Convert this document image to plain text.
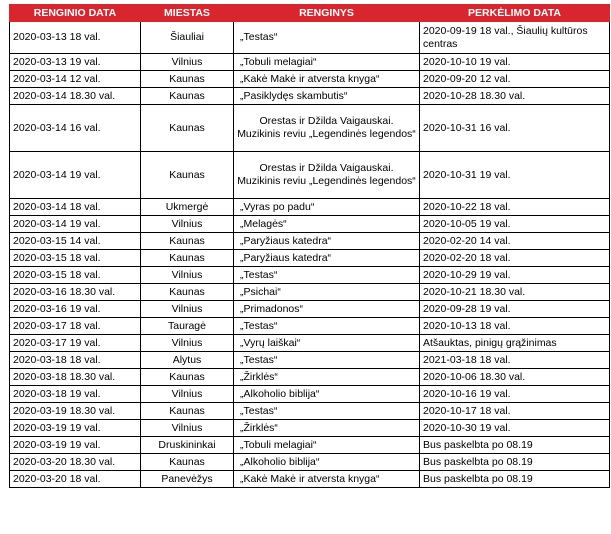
RENGINIO DATA	MIESTAS	RENGINYS	PERKĖLIMO DATA
2020-03-13 18 val.	Šiauliai	„Testas“	2020-09-19 18 val., Šiaulių kultūros centras
2020-03-13 19 val.	Vilnius	„Tobuli melagiai“	2020-10-10 19 val.
2020-03-14 12 val.	Kaunas	„Kakė Makė ir atversta knyga“	2020-09-20 12 val.
2020-03-14 18.30 val.	Kaunas	„Pasiklydęs skambutis“	2020-10-28 18.30 val.
2020-03-14 16 val.	Kaunas	Orestas ir Džilda Vaigauskai. Muzikinis reviu „Legendinės legendos“	2020-10-31 16 val.
2020-03-14 19 val.	Kaunas	Orestas ir Džilda Vaigauskai. Muzikinis reviu „Legendinės legendos“	2020-10-31 19 val.
2020-03-14 18 val.	Ukmergė	„Vyras po padu“	2020-10-22 18 val.
2020-03-14 19 val.	Vilnius	„Melagės“	2020-10-05 19 val.
2020-03-15 14 val.	Kaunas	„Paryžiaus katedra“	2020-02-20 14 val.
2020-03-15 18 val.	Kaunas	„Paryžiaus katedra“	2020-02-20 18 val.
2020-03-15 18 val.	Vilnius	„Testas“	2020-10-29 19 val.
2020-03-16 18.30 val.	Kaunas	„Psichai“	2020-10-21 18.30 val.
2020-03-16 19 val.	Vilnius	„Primadonos“	2020-09-28 19 val.
2020-03-17 18 val.	Tauragė	„Testas“	2020-10-13 18 val.
2020-03-17 19 val.	Vilnius	„Vyrų laiškai“	Atšauktas, pinigų grąžinimas
2020-03-18 18 val.	Alytus	„Testas“	2021-03-18 18 val.
2020-03-18 18.30 val.	Kaunas	„Žirklės“	2020-10-06 18.30 val.
2020-03-18 19 val.	Vilnius	„Alkoholio biblija“	2020-10-16 19 val.
2020-03-19 18.30 val.	Kaunas	„Testas“	2020-10-17 18 val.
2020-03-19 19 val.	Vilnius	„Žirklės“	2020-10-30 19 val.
2020-03-19 19 val.	Druskininkai	„Tobuli melagiai“	Bus paskelbta po 08.19
2020-03-20 18.30 val.	Kaunas	„Alkoholio biblija“	Bus paskelbta po 08.19
2020-03-20 18 val.	Panevėžys	„Kakė Makė ir atversta knyga“	Bus paskelbta po 08.19
